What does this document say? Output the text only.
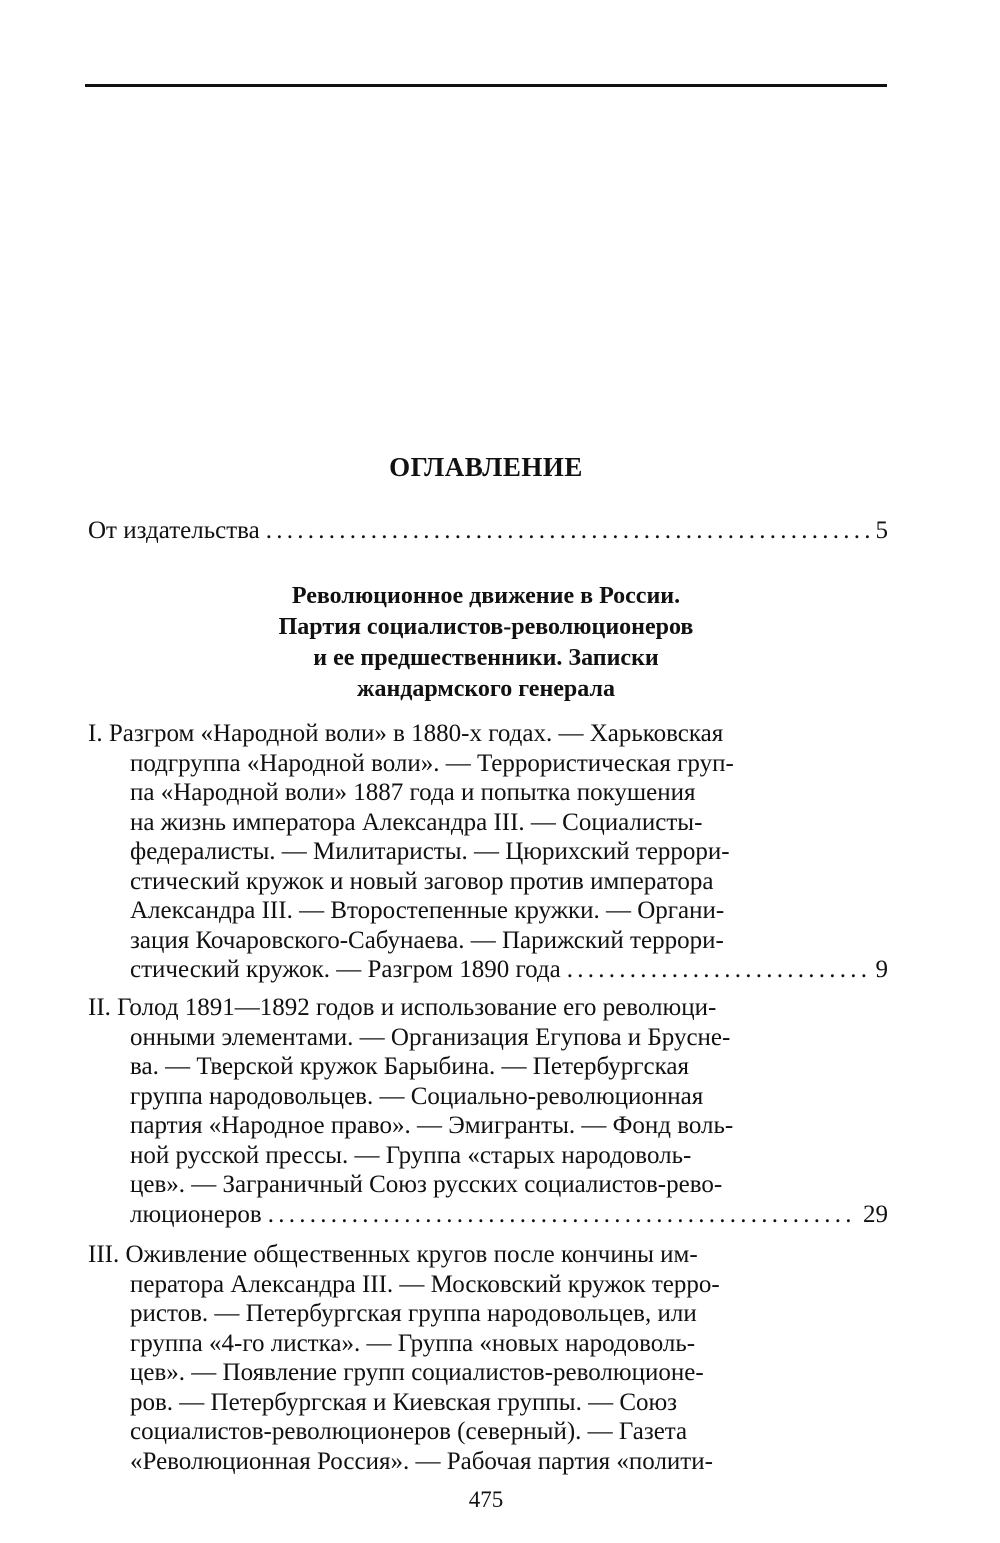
ОГЛАВЛЕНИЕ
От издательства . . .	5
Революционное движение в России.
Партия социалистов-революционеров
и ее предшественники. Записки
жандармского генерала
I. Разгром «Народной воли» в 1880-х годах. — Харьковская
подгруппа «Народной воли». — Террористическая груп-
па «Народной воли» 1887 года и попытка покушения
на жизнь императора Александра III. — Социалисты-
федералисты. — Милитаристы. — Цюрихский террори-
стический кружок и новый заговор против императора
Александра III. — Второстепенные кружки. — Органи-
зация Кочаровского-Сабунаева. — Парижский террори-
стический кружок. — Разгром 1890 года . . .	9
II. Голод 1891—1892 годов и использование его революци-
онными элементами. — Организация Егупова и Брусне-
ва. — Тверской кружок Барыбина. — Петербургская
группа народовольцев. — Социально-революционная
партия «Народное право». — Эмигранты. — Фонд воль-
ной русской прессы. — Группа «старых народоволь-
цев». — Заграничный Союз русских социалистов-рево-
люционеров . . .	29
III. Оживление общественных кругов после кончины им-
ператора Александра III. — Московский кружок терро-
ристов. — Петербургская группа народовольцев, или
группа «4-го листка». — Группа «новых народоволь-
цев». — Появление групп социалистов-революционе-
ров. — Петербургская и Киевская группы. — Союз
социалистов-революционеров (северный). — Газета
«Революционная Россия». — Рабочая партия «полити-
475
